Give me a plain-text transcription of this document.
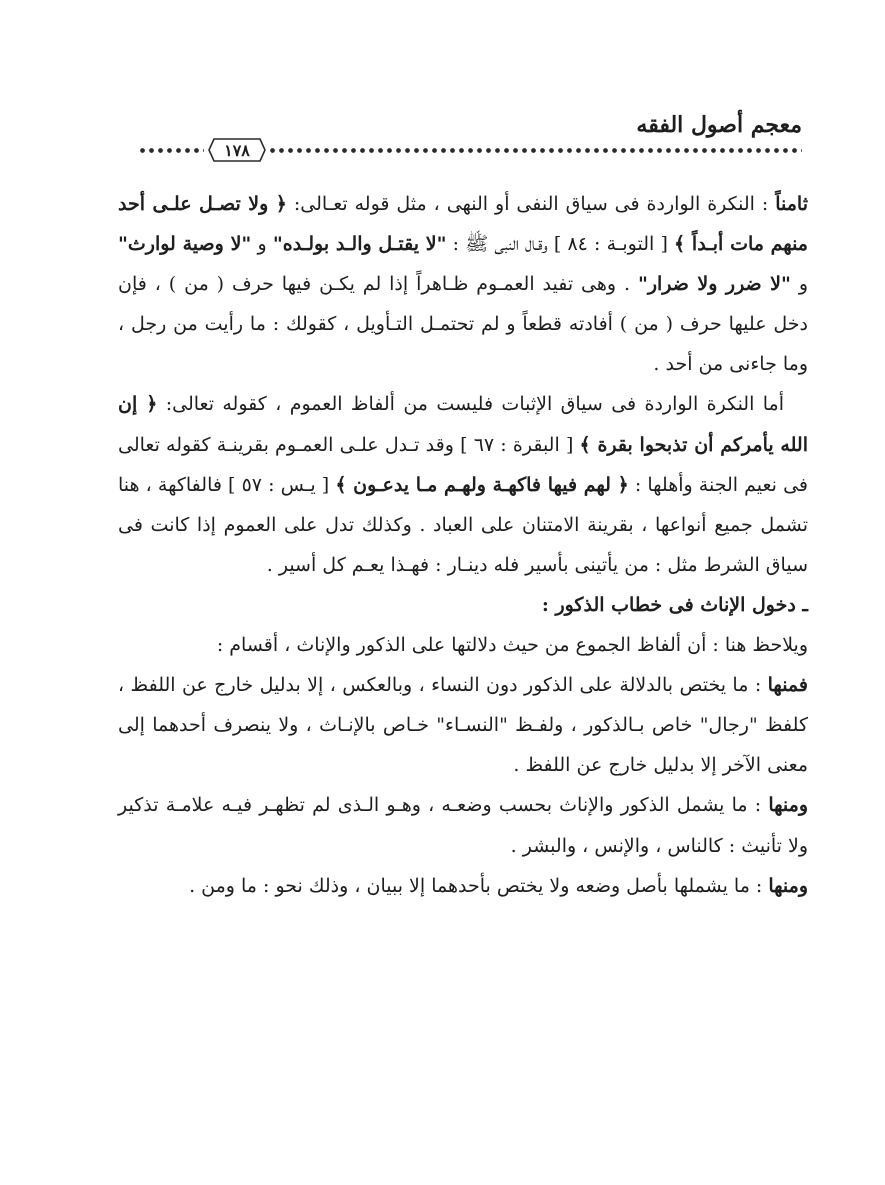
معجم أصول الفقه
١٧٨

ثامناً : النكرة الواردة فى سياق النفى أو النهى ، مثل قوله تعـالى: ﴿ ولا تصـل علـى أحد منهم مات أبـداً ﴾ [ التوبـة : ٨٤ ] وقـال النبى ﷺ : "لا يقتـل والـد بولـده" و "لا وصية لوارث" و "لا ضرر ولا ضرار" . وهى تفيد العمـوم ظـاهراً إذا لم يكـن فيها حرف ( من ) ، فإن دخل عليها حرف ( من ) أفادته قطعاً و لم تحتمـل التـأويل ، كقولك : ما رأيت من رجل ، وما جاءنى من أحد .

أما النكرة الواردة فى سياق الإثبات فليست من ألفاظ العموم ، كقوله تعالى: ﴿ إن الله يأمركم أن تذبحوا بقرة ﴾ [ البقرة : ٦٧ ] وقد تـدل علـى العمـوم بقرينـة كقوله تعالى فى نعيم الجنة وأهلها : ﴿ لهم فيها فاكهـة ولهـم مـا يدعـون ﴾ [ يـس : ٥٧ ] فالفاكهة ، هنا تشمل جميع أنواعها ، بقرينة الامتنان على العباد . وكذلك تدل على العموم إذا كانت فى سياق الشرط مثل : من يأتينى بأسير فله دينـار : فهـذا يعـم كل أسير .

ـ دخول الإناث فى خطاب الذكور :

ويلاحظ هنا : أن ألفاظ الجموع من حيث دلالتها على الذكور والإناث ، أقسام :

فمنها : ما يختص بالدلالة على الذكور دون النساء ، وبالعكس ، إلا بدليل خارج عن اللفظ ، كلفظ "رجال" خاص بـالذكور ، ولفـظ "النسـاء" خـاص بالإنـاث ، ولا ينصرف أحدهما إلى معنى الآخر إلا بدليل خارج عن اللفظ .

ومنها : ما يشمل الذكور والإناث بحسب وضعـه ، وهـو الـذى لم تظهـر فيـه علامـة تذكير ولا تأنيث : كالناس ، والإنس ، والبشر .

ومنها : ما يشملها بأصل وضعه ولا يختص بأحدهما إلا ببيان ، وذلك نحو : ما ومن .
